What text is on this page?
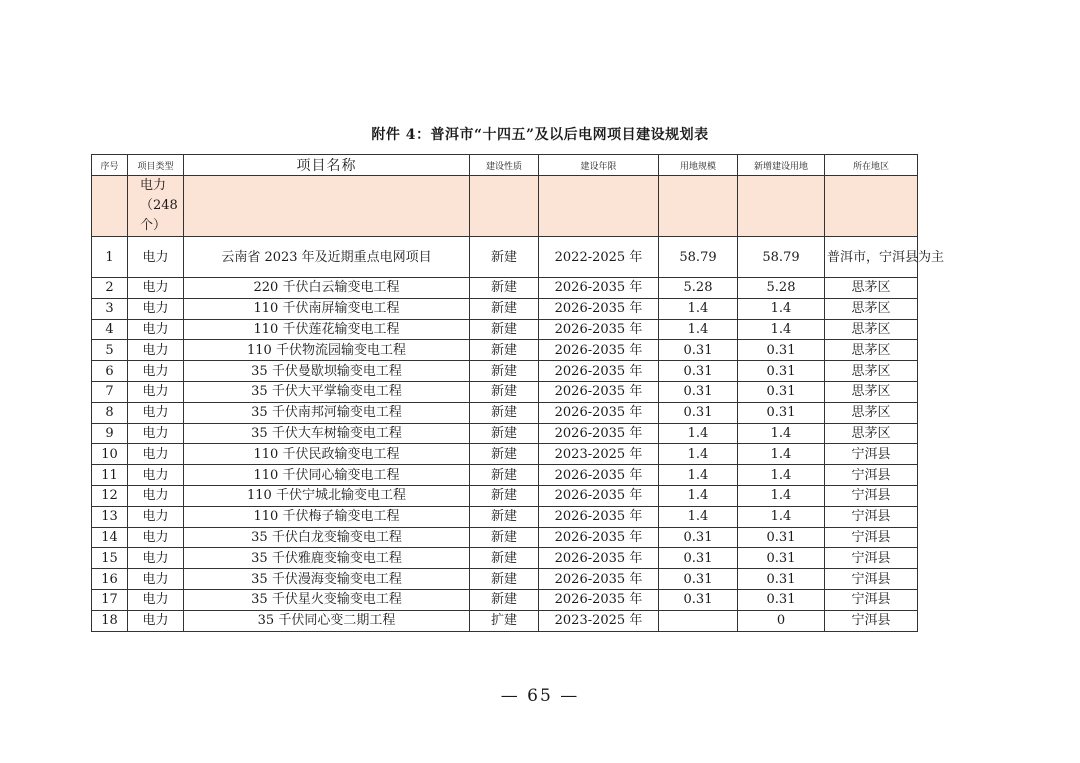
附件 4：普洱市“十四五”及以后电网项目建设规划表
序号	项目类型	项目名称	建设性质	建设年限	用地规模	新增建设用地	所在地区
	电力 （248 个）						
1	电力	云南省 2023 年及近期重点电网项目	新建	2022-2025 年	58.79	58.79	普洱市，宁洱县为主
2	电力	220 千伏白云输变电工程	新建	2026-2035 年	5.28	5.28	思茅区
3	电力	110 千伏南屏输变电工程	新建	2026-2035 年	1.4	1.4	思茅区
4	电力	110 千伏莲花输变电工程	新建	2026-2035 年	1.4	1.4	思茅区
5	电力	110 千伏物流园输变电工程	新建	2026-2035 年	0.31	0.31	思茅区
6	电力	35 千伏曼歇坝输变电工程	新建	2026-2035 年	0.31	0.31	思茅区
7	电力	35 千伏大平掌输变电工程	新建	2026-2035 年	0.31	0.31	思茅区
8	电力	35 千伏南邦河输变电工程	新建	2026-2035 年	0.31	0.31	思茅区
9	电力	35 千伏大车树输变电工程	新建	2026-2035 年	1.4	1.4	思茅区
10	电力	110 千伏民政输变电工程	新建	2023-2025 年	1.4	1.4	宁洱县
11	电力	110 千伏同心输变电工程	新建	2026-2035 年	1.4	1.4	宁洱县
12	电力	110 千伏宁城北输变电工程	新建	2026-2035 年	1.4	1.4	宁洱县
13	电力	110 千伏梅子输变电工程	新建	2026-2035 年	1.4	1.4	宁洱县
14	电力	35 千伏白龙变输变电工程	新建	2026-2035 年	0.31	0.31	宁洱县
15	电力	35 千伏雅鹿变输变电工程	新建	2026-2035 年	0.31	0.31	宁洱县
16	电力	35 千伏漫海变输变电工程	新建	2026-2035 年	0.31	0.31	宁洱县
17	电力	35 千伏星火变输变电工程	新建	2026-2035 年	0.31	0.31	宁洱县
18	电力	35 千伏同心变二期工程	扩建	2023-2025 年		0	宁洱县
— 65 —
